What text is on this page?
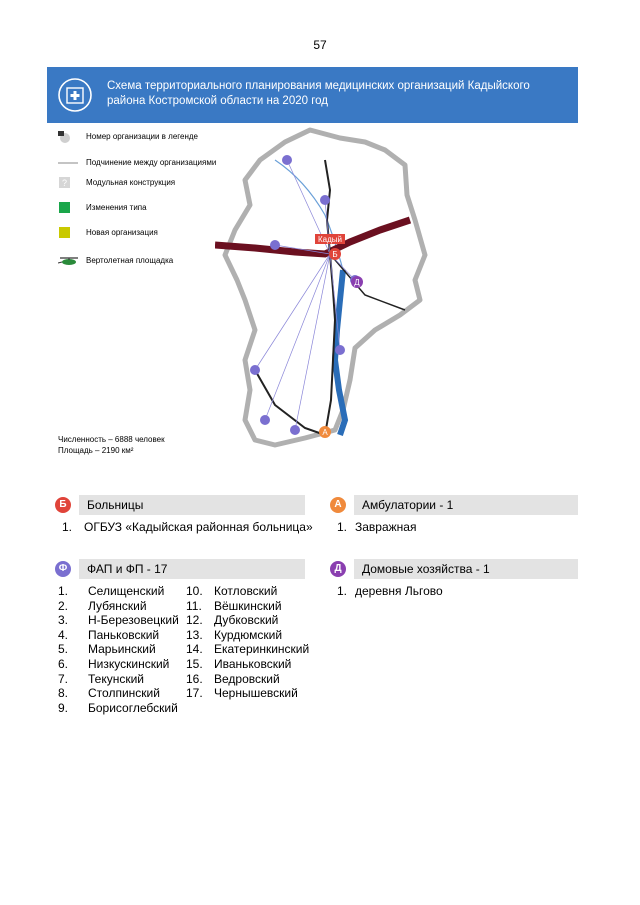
57
Схема территориального планирования медицинских организаций Кадыйского района Костромской области на 2020 год
Номер организации в легенде
Подчинение между организациями
? Модульная конструкция
Изменения типа
Новая организация
Вертолетная площадка
Численность – 6888 человек
Площадь – 2190 км²
Б
А
Д
Кадый
Б	Больницы
1. ОГБУЗ «Кадыйская районная больница»
А	Амбулатории - 1
1. Завражная
Ф	ФАП и ФП - 17
1. Селищенский
2. Лубянский
3. Н-Березовецкий
4. Паньковский
5. Марьинский
6. Низкускинский
7. Текунский
8. Столпинский
9. Борисоглебский
10. Котловский
11. Вёшкинский
12. Дубковский
13. Курдюмский
14. Екатеринкинский
15. Иваньковский
16. Ведровский
17. Чернышевский
Д	Домовые хозяйства - 1
1. деревня Льгово
